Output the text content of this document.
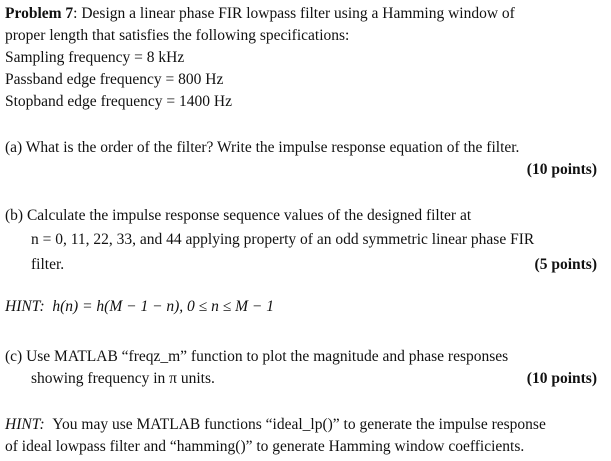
Problem 7: Design a linear phase FIR lowpass filter using a Hamming window of
proper length that satisfies the following specifications:
Sampling frequency = 8 kHz
Passband edge frequency = 800 Hz
Stopband edge frequency = 1400 Hz
(a) What is the order of the filter? Write the impulse response equation of the filter.
(10 points)
(b) Calculate the impulse response sequence values of the designed filter at
n = 0, 11, 22, 33, and 44 applying property of an odd symmetric linear phase FIR
filter.	(5 points)
HINT: h(n) = h(M − 1 − n), 0 ≤ n ≤ M − 1
(c) Use MATLAB “freqz_m” function to plot the magnitude and phase responses
showing frequency in π units.	(10 points)
HINT: You may use MATLAB functions “ideal_lp()” to generate the impulse response
of ideal lowpass filter and “hamming()” to generate Hamming window coefficients.
